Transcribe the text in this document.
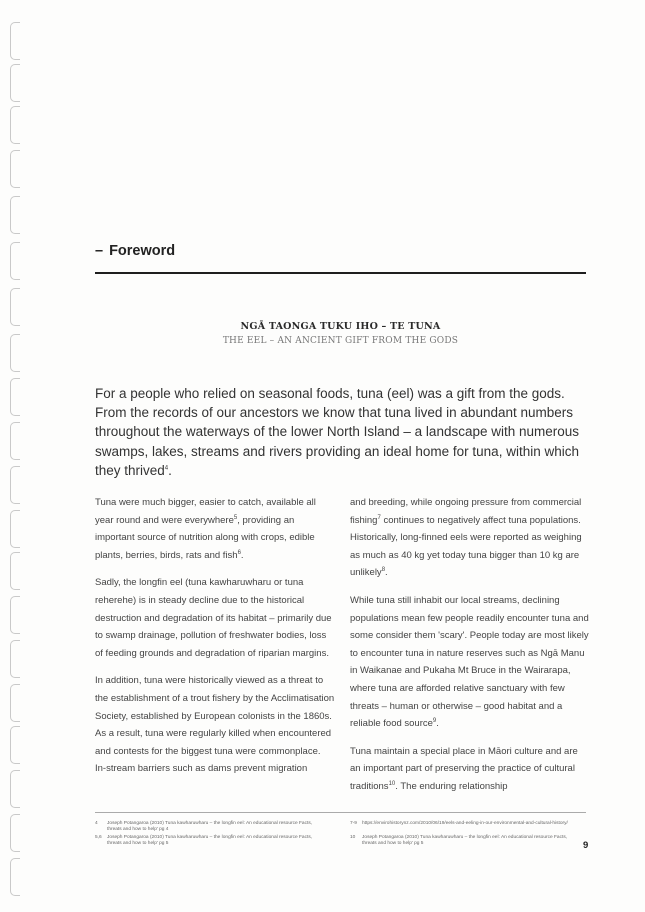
– Foreword
NGĀ TAONGA TUKU IHO – TE TUNA
THE EEL – AN ANCIENT GIFT FROM THE GODS
For a people who relied on seasonal foods, tuna (eel) was a gift from the gods. From the records of our ancestors we know that tuna lived in abundant numbers throughout the waterways of the lower North Island – a landscape with numerous swamps, lakes, streams and rivers providing an ideal home for tuna, within which they thrived$^4$.

Tuna were much bigger, easier to catch, available all year round and were everywhere$^5$, providing an important source of nutrition along with crops, edible plants, berries, birds, rats and fish$^6$.

Sadly, the longfin eel (tuna kawharuwharu or tuna reherehe) is in steady decline due to the historical destruction and degradation of its habitat – primarily due to swamp drainage, pollution of freshwater bodies, loss of feeding grounds and degradation of riparian margins.

In addition, tuna were historically viewed as a threat to the establishment of a trout fishery by the Acclimatisation Society, established by European colonists in the 1860s. As a result, tuna were regularly killed when encountered and contests for the biggest tuna were commonplace.
In-stream barriers such as dams prevent migration

and breeding, while ongoing pressure from commercial fishing$^7$ continues to negatively affect tuna populations. Historically, long-finned eels were reported as weighing as much as 40 kg yet today tuna bigger than 10 kg are unlikely$^8$.

While tuna still inhabit our local streams, declining populations mean few people readily encounter tuna and some consider them 'scary'. People today are most likely to encounter tuna in nature reserves such as Ngā Manu in Waikanae and Pukaha Mt Bruce in the Wairarapa, where tuna are afforded relative sanctuary with few threats – human or otherwise – good habitat and a reliable food source$^9$.

Tuna maintain a special place in Māori culture and are an important part of preserving the practice of cultural traditions$^{10}$. The enduring relationship

4	Joseph Potangaroa (2010) Tuna kawharuwharu – the longfin eel: An educational resource Facts, threats and how to help' pg 4
5,6	Joseph Potangaroa (2010) Tuna kawharuwharu – the longfin eel: An educational resource Facts, threats and how to help' pg 5
7-9	https://envirohistorynz.com/2010/06/19/eels-and-eeling-in-our-environmental-and-cultural-history/
10	Joseph Potangaroa (2010) Tuna kawharuwharu – the longfin eel: An educational resource Facts, threats and how to help' pg 5	9
